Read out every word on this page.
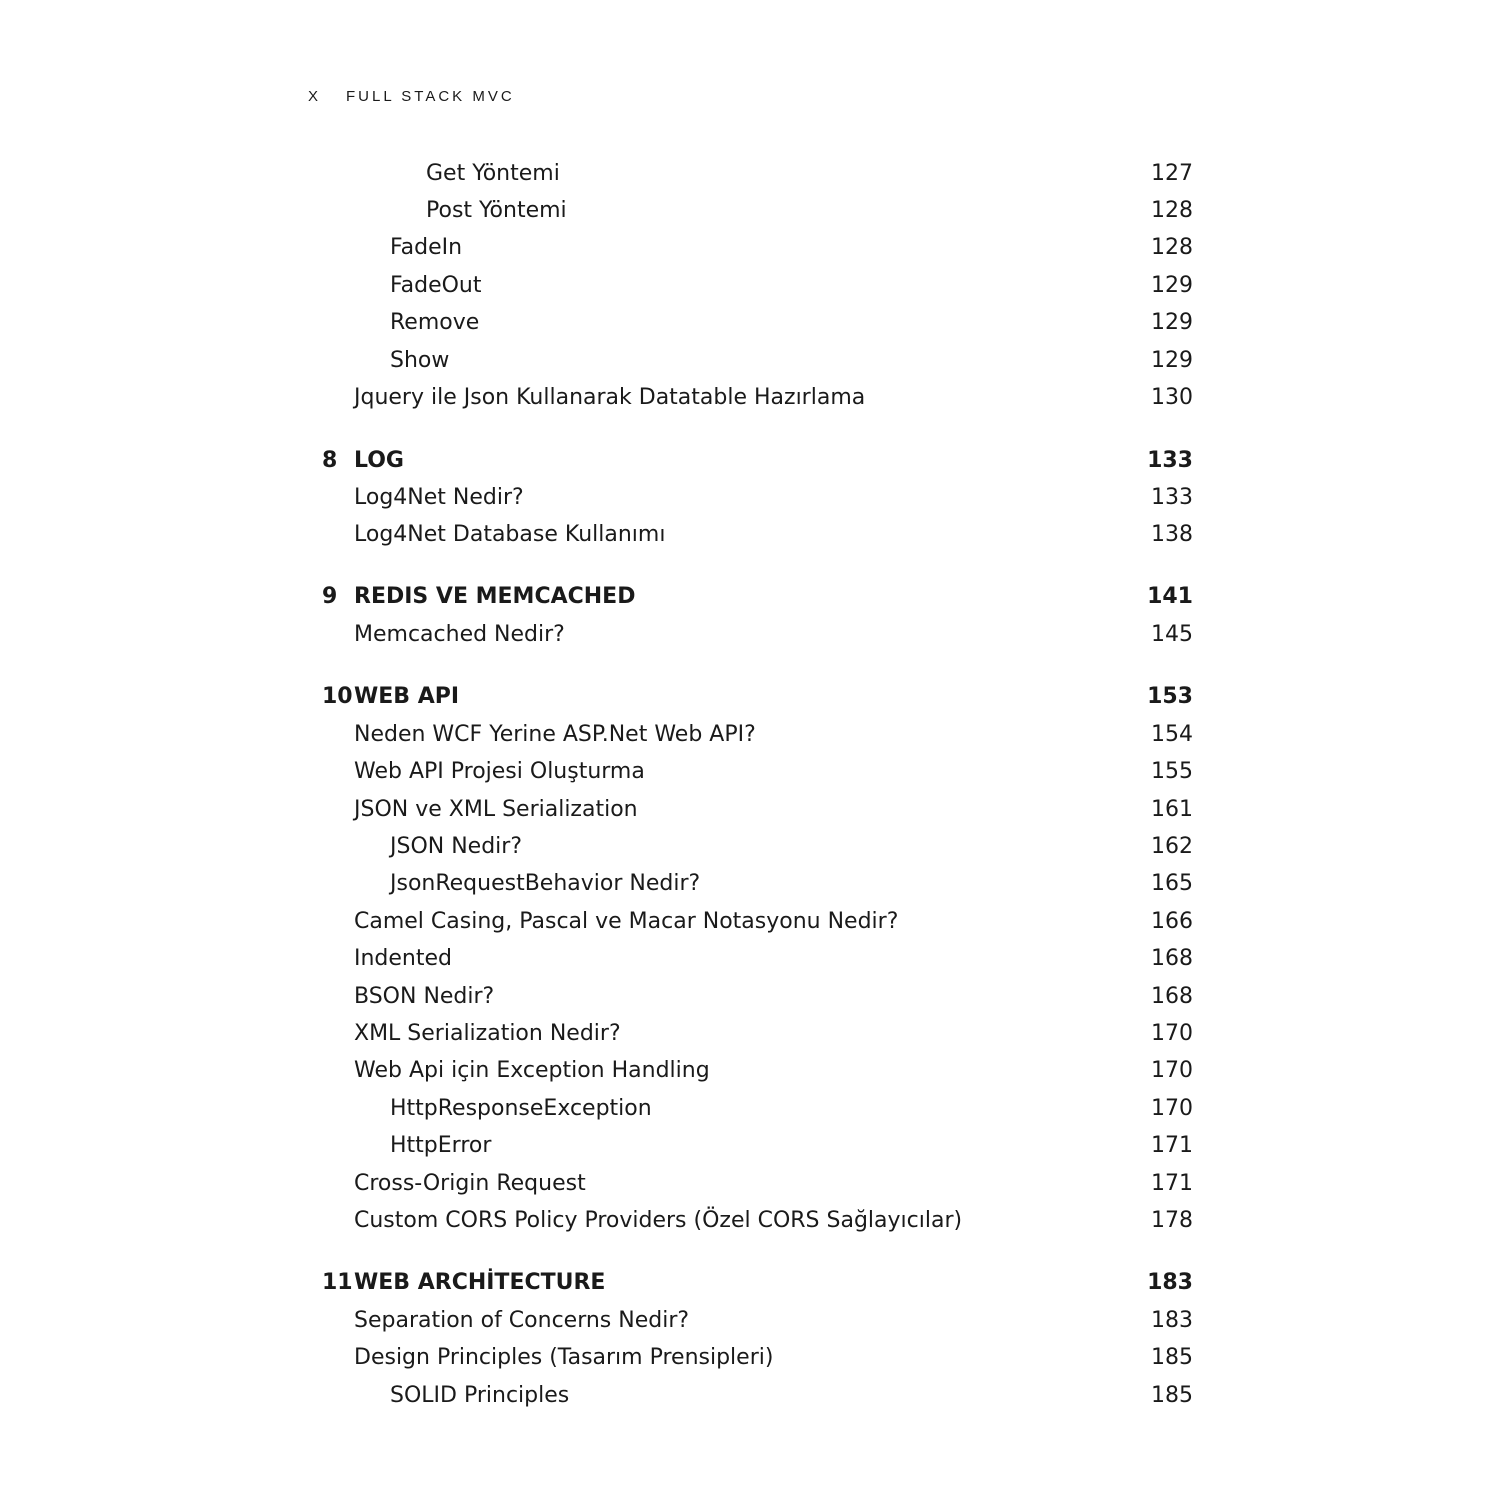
X FULL STACK MVC
Get Yöntemi	127
Post Yöntemi	128
FadeIn	128
FadeOut	129
Remove	129
Show	129
Jquery ile Json Kullanarak Datatable Hazırlama	130
8 LOG	133
Log4Net Nedir?	133
Log4Net Database Kullanımı	138
9 REDIS VE MEMCACHED	141
Memcached Nedir?	145
10 WEB API	153
Neden WCF Yerine ASP.Net Web API?	154
Web API Projesi Oluşturma	155
JSON ve XML Serialization	161
JSON Nedir?	162
JsonRequestBehavior Nedir?	165
Camel Casing, Pascal ve Macar Notasyonu Nedir?	166
Indented	168
BSON Nedir?	168
XML Serialization Nedir?	170
Web Api için Exception Handling	170
HttpResponseException	170
HttpError	171
Cross-Origin Request	171
Custom CORS Policy Providers (Özel CORS Sağlayıcılar)	178
11 WEB ARCHİTECTURE	183
Separation of Concerns Nedir?	183
Design Principles (Tasarım Prensipleri)	185
SOLID Principles	185
